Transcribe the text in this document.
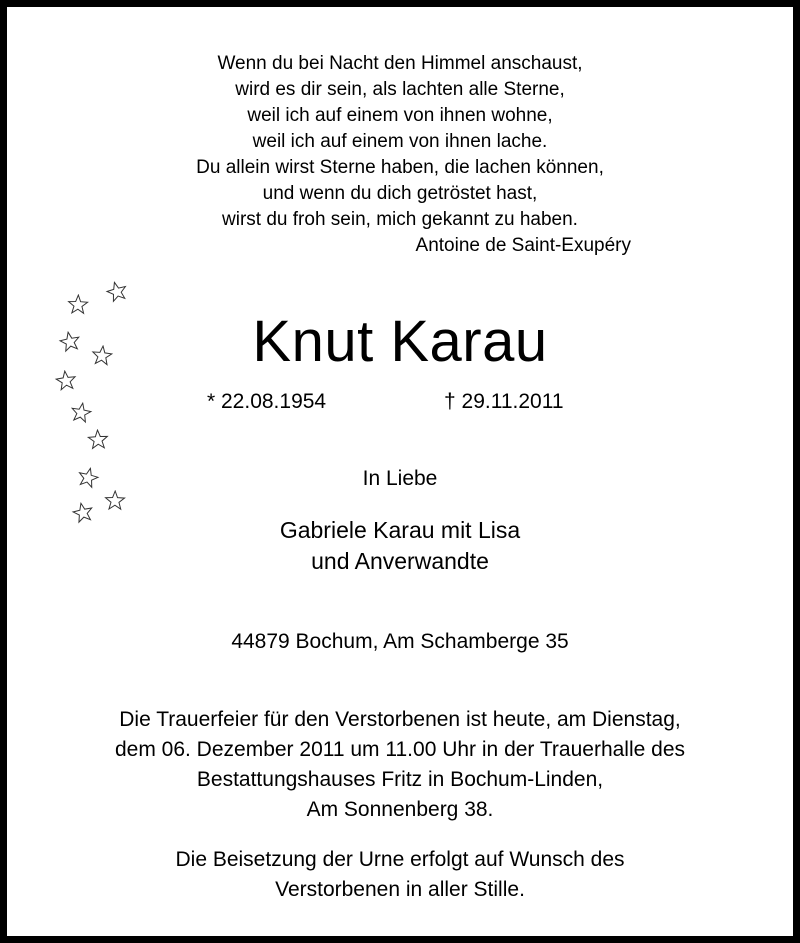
Wenn du bei Nacht den Himmel anschaust,
wird es dir sein, als lachten alle Sterne,
weil ich auf einem von ihnen wohne,
weil ich auf einem von ihnen lache.
Du allein wirst Sterne haben, die lachen können,
und wenn du dich getröstet hast,
wirst du froh sein, mich gekannt zu haben.
Antoine de Saint-Exupéry
Knut Karau
* 22.08.1954	† 29.11.2011
In Liebe
Gabriele Karau mit Lisa
und Anverwandte
44879 Bochum, Am Schamberge 35
Die Trauerfeier für den Verstorbenen ist heute, am Dienstag,
dem 06. Dezember 2011 um 11.00 Uhr in der Trauerhalle des
Bestattungshauses Fritz in Bochum-Linden,
Am Sonnenberg 38.
Die Beisetzung der Urne erfolgt auf Wunsch des
Verstorbenen in aller Stille.
